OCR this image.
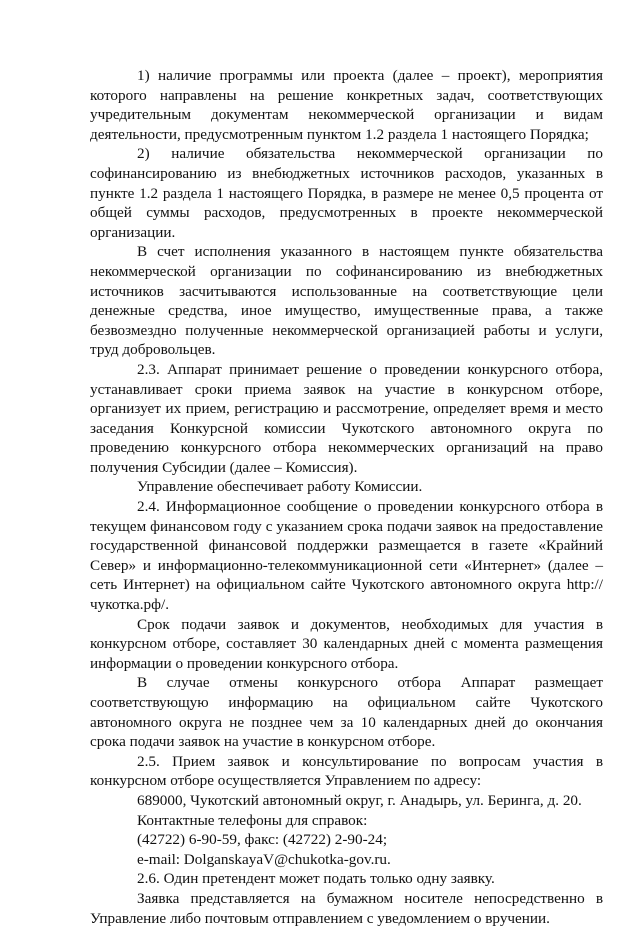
1) наличие программы или проекта (далее – проект), мероприятия которого направлены на решение конкретных задач, соответствующих учредительным документам некоммерческой организации и видам деятельности, предусмотренным пунктом 1.2 раздела 1 настоящего Порядка;

2) наличие обязательства некоммерческой организации по софинансированию из внебюджетных источников расходов, указанных в пункте 1.2 раздела 1 настоящего Порядка, в размере не менее 0,5 процента от общей суммы расходов, предусмотренных в проекте некоммерческой организации.

В счет исполнения указанного в настоящем пункте обязательства некоммерческой организации по софинансированию из внебюджетных источников засчитываются использованные на соответствующие цели денежные средства, иное имущество, имущественные права, а также безвозмездно полученные некоммерческой организацией работы и услуги, труд добровольцев.

2.3. Аппарат принимает решение о проведении конкурсного отбора, устанавливает сроки приема заявок на участие в конкурсном отборе, организует их прием, регистрацию и рассмотрение, определяет время и место заседания Конкурсной комиссии Чукотского автономного округа по проведению конкурсного отбора некоммерческих организаций на право получения Субсидии (далее – Комиссия).

Управление обеспечивает работу Комиссии.

2.4. Информационное сообщение о проведении конкурсного отбора в текущем финансовом году с указанием срока подачи заявок на предоставление государственной финансовой поддержки размещается в газете «Крайний Север» и информационно-телекоммуникационной сети «Интернет» (далее – сеть Интернет) на официальном сайте Чукотского автономного округа http://чукотка.рф/.

Срок подачи заявок и документов, необходимых для участия в конкурсном отборе, составляет 30 календарных дней с момента размещения информации о проведении конкурсного отбора.

В случае отмены конкурсного отбора Аппарат размещает соответствующую информацию на официальном сайте Чукотского автономного округа не позднее чем за 10 календарных дней до окончания срока подачи заявок на участие в конкурсном отборе.

2.5. Прием заявок и консультирование по вопросам участия в конкурсном отборе осуществляется Управлением по адресу:

689000, Чукотский автономный округ, г. Анадырь, ул. Беринга, д. 20.

Контактные телефоны для справок:

(42722) 6-90-59, факс: (42722) 2-90-24;

e-mail: DolganskayaV@chukotka-gov.ru.

2.6. Один претендент может подать только одну заявку.

Заявка представляется на бумажном носителе непосредственно в Управление либо почтовым отправлением с уведомлением о вручении.
